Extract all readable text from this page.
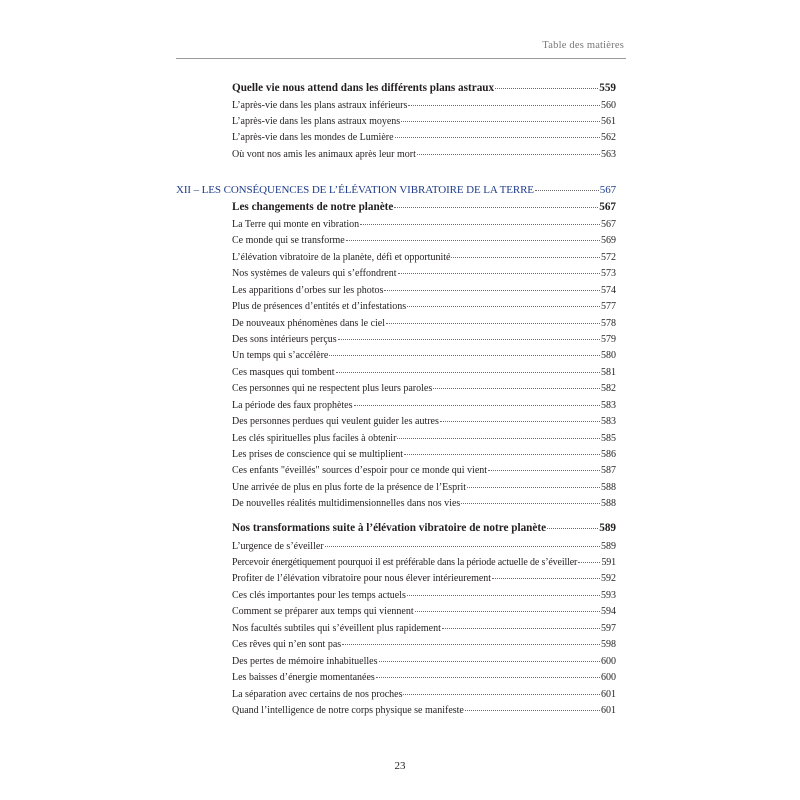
Table des matières
Quelle vie nous attend dans les différents plans astraux	559
L’après-vie dans les plans astraux inférieurs	560
L’après-vie dans les plans astraux moyens	561
L’après-vie dans les mondes de Lumière	562
Où vont nos amis les animaux après leur mort	563
XII – LES CONSÉQUENCES DE L’ÉLÉVATION VIBRATOIRE DE LA TERRE	567
Les changements de notre planète	567
La Terre qui monte en vibration	567
Ce monde qui se transforme	569
L’élévation vibratoire de la planète, défi et opportunité	572
Nos systèmes de valeurs qui s’effondrent	573
Les apparitions d’orbes sur les photos	574
Plus de présences d’entités et d’infestations	577
De nouveaux phénomènes dans le ciel	578
Des sons intérieurs perçus	579
Un temps qui s’accélère	580
Ces masques qui tombent	581
Ces personnes qui ne respectent plus leurs paroles	582
La période des faux prophètes	583
Des personnes perdues qui veulent guider les autres	583
Les clés spirituelles plus faciles à obtenir	585
Les prises de conscience qui se multiplient	586
Ces enfants "éveillés" sources d’espoir pour ce monde qui vient	587
Une arrivée de plus en plus forte de la présence de l’Esprit	588
De nouvelles réalités multidimensionnelles dans nos vies	588
Nos transformations suite à l’élévation vibratoire de notre planète	589
L’urgence de s’éveiller	589
Percevoir énergétiquement pourquoi il est préférable dans la période actuelle de s’éveiller 591
Profiter de l’élévation vibratoire pour nous élever intérieurement	592
Ces clés importantes pour les temps actuels	593
Comment se préparer aux temps qui viennent	594
Nos facultés subtiles qui s’éveillent plus rapidement	597
Ces rêves qui n’en sont pas	598
Des pertes de mémoire inhabituelles	600
Les baisses d’énergie momentanées	600
La séparation avec certains de nos proches	601
Quand l’intelligence de notre corps physique se manifeste	601
23
